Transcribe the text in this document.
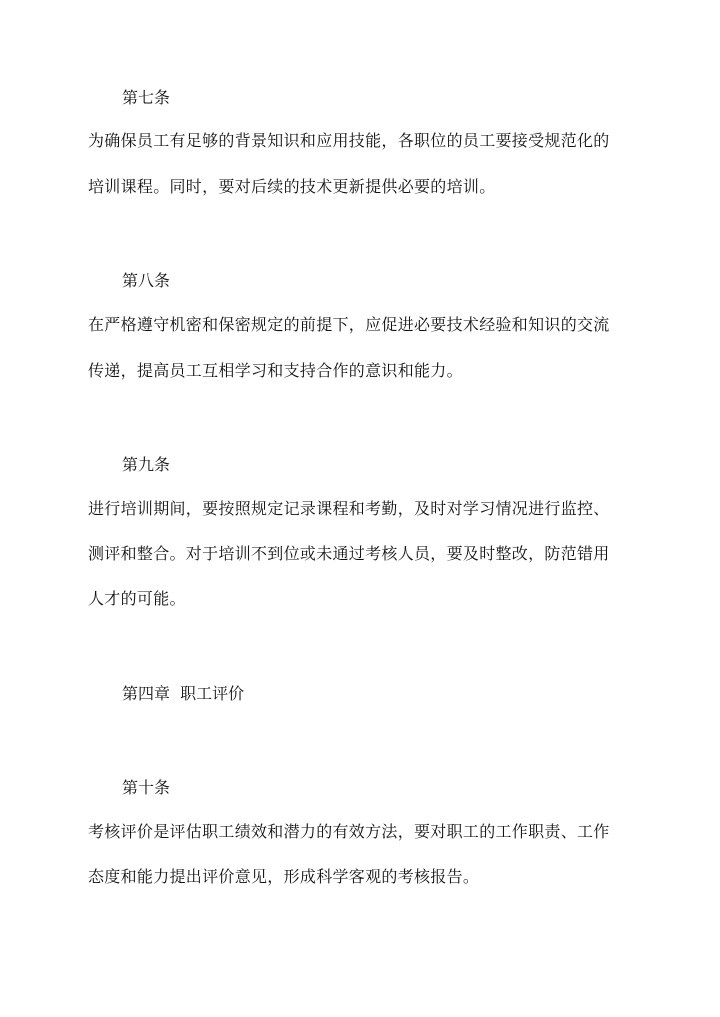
第七条
为确保员工有足够的背景知识和应用技能，各职位的员工要接受规范化的
培训课程。同时，要对后续的技术更新提供必要的培训。
第八条
在严格遵守机密和保密规定的前提下，应促进必要技术经验和知识的交流
传递，提高员工互相学习和支持合作的意识和能力。
第九条
进行培训期间，要按照规定记录课程和考勤，及时对学习情况进行监控、
测评和整合。对于培训不到位或未通过考核人员，要及时整改，防范错用
人才的可能。
第四章  职工评价
第十条
考核评价是评估职工绩效和潜力的有效方法，要对职工的工作职责、工作
态度和能力提出评价意见，形成科学客观的考核报告。
